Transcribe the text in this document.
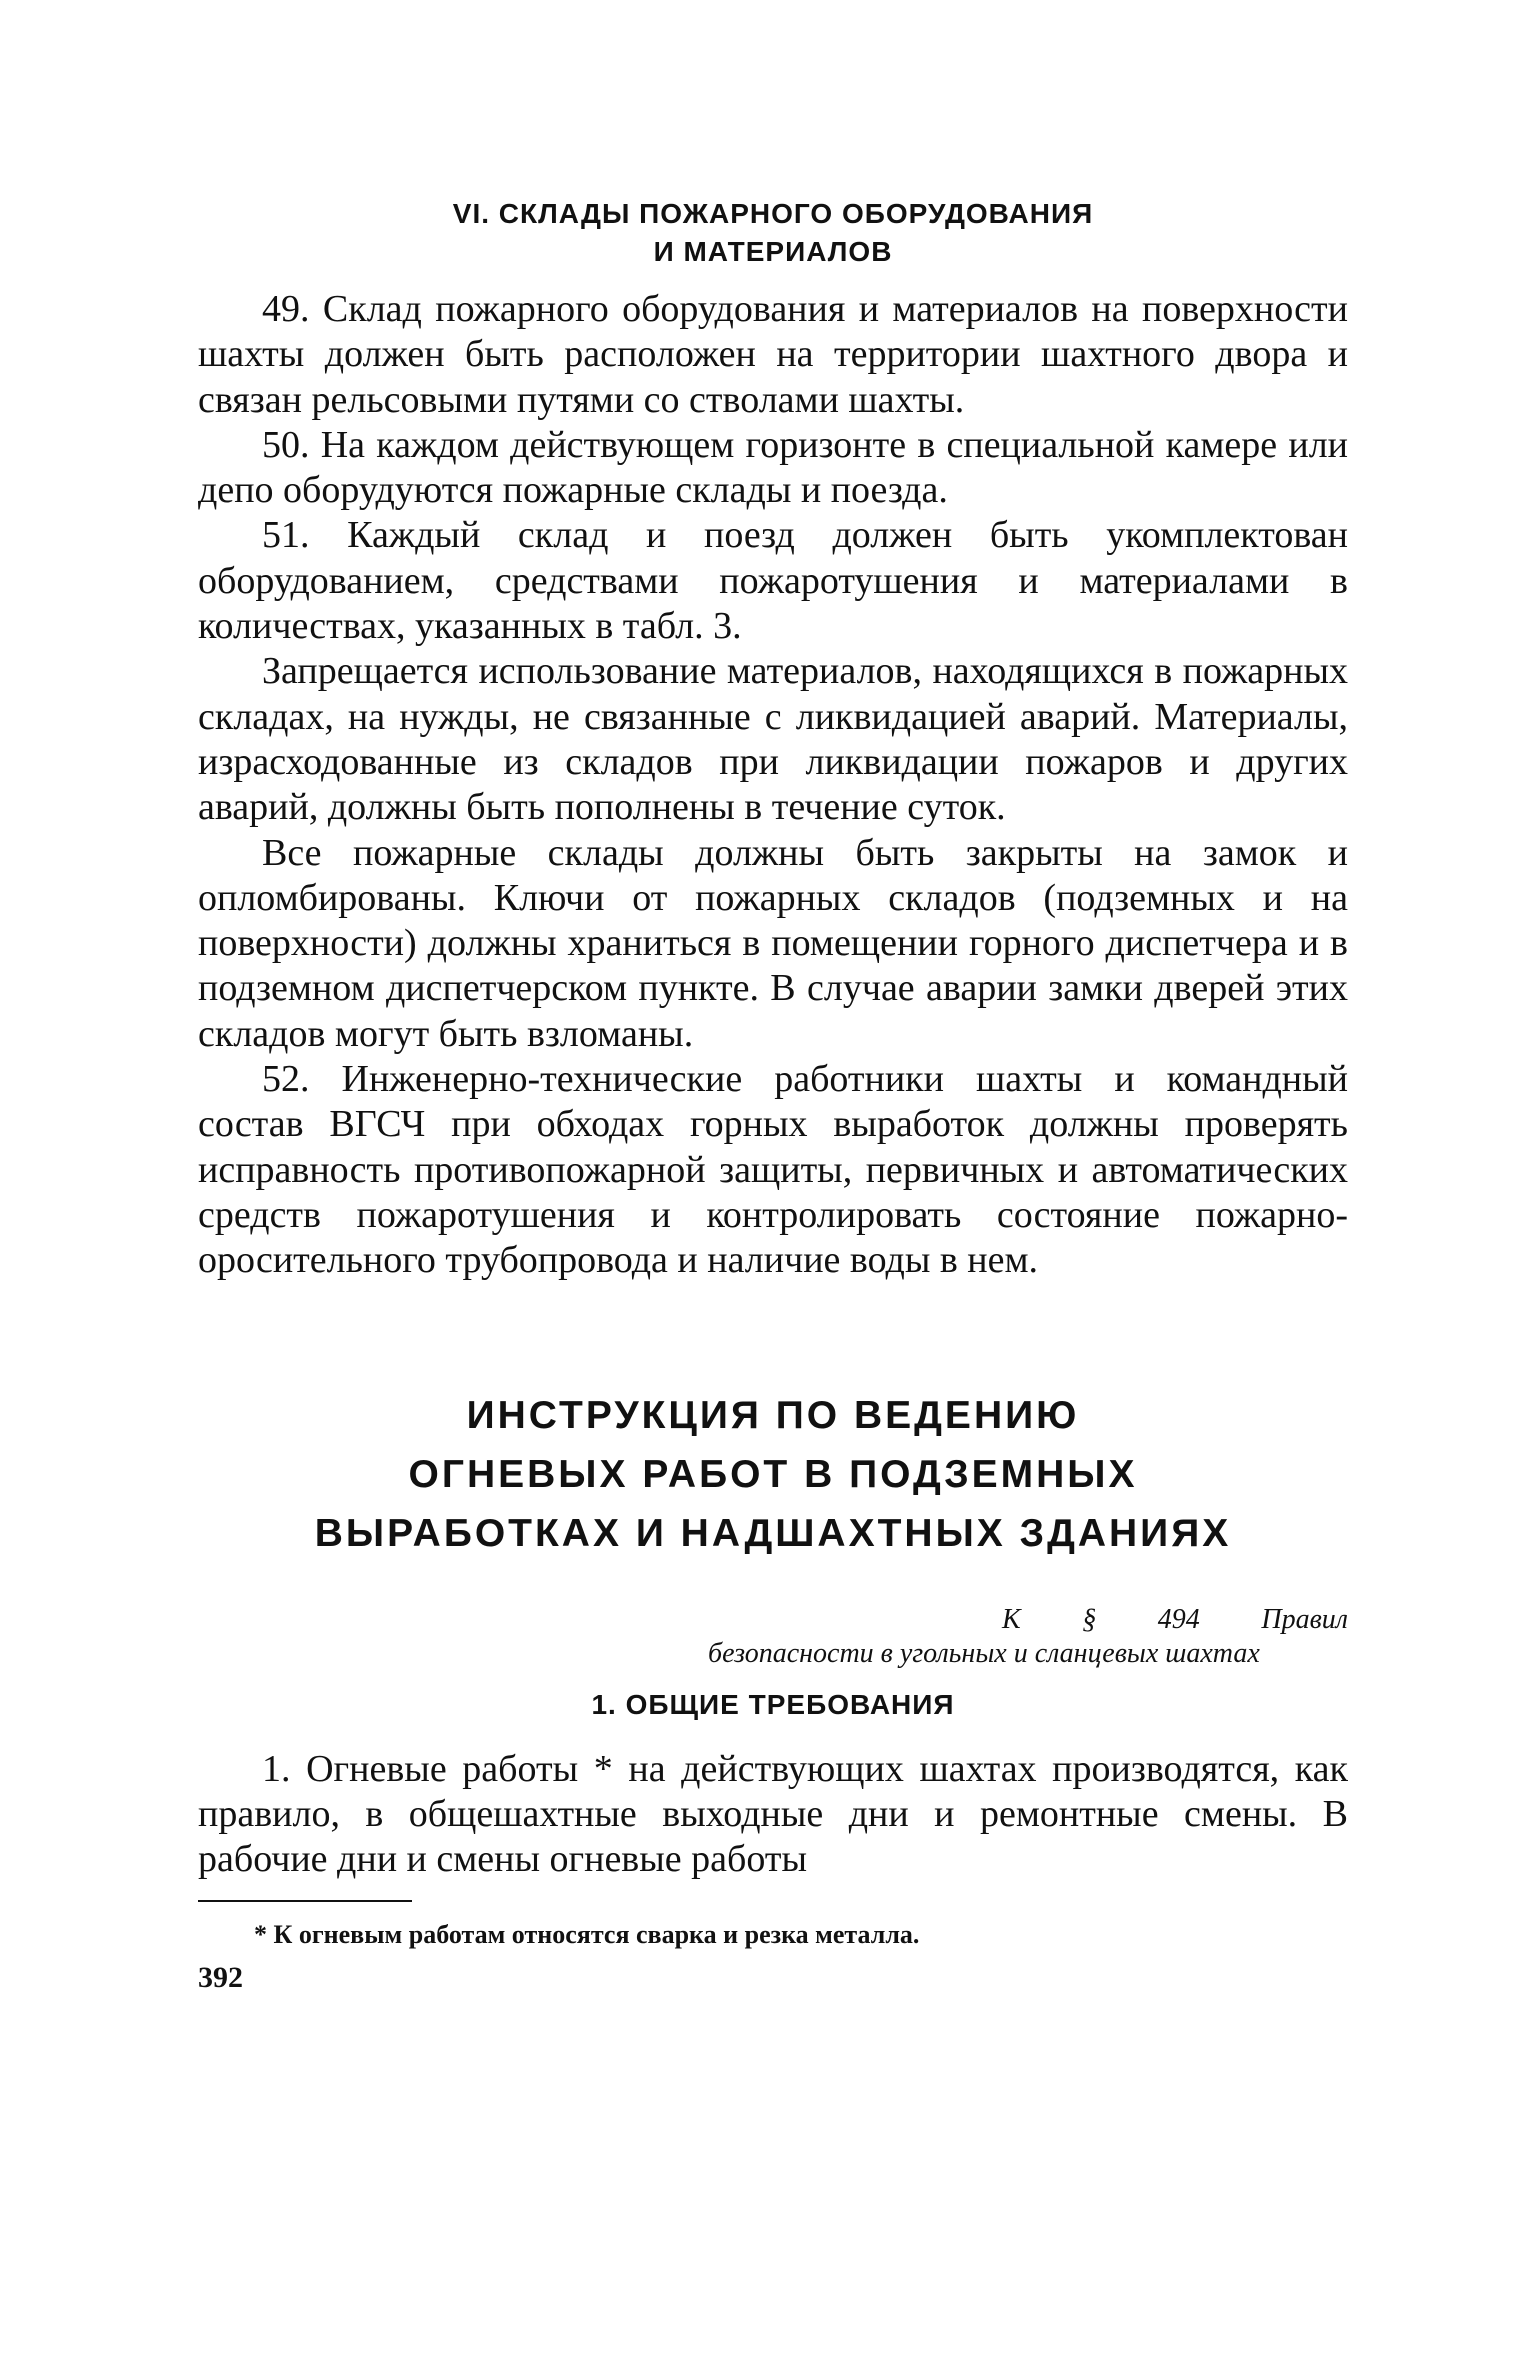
VI. СКЛАДЫ ПОЖАРНОГО ОБОРУДОВАНИЯ
И МАТЕРИАЛОВ

49. Склад пожарного оборудования и материалов на поверхности шахты должен быть расположен на территории шахтного двора и связан рельсовыми путями со стволами шахты.

50. На каждом действующем горизонте в специальной камере или депо оборудуются пожарные склады и поезда.

51. Каждый склад и поезд должен быть укомплектован оборудованием, средствами пожаротушения и материалами в количествах, указанных в табл. 3.

Запрещается использование материалов, находящихся в пожарных складах, на нужды, не связанные с ликвидацией аварий. Материалы, израсходованные из складов при ликвидации пожаров и других аварий, должны быть пополнены в течение суток.

Все пожарные склады должны быть закрыты на замок и опломбированы. Ключи от пожарных складов (подземных и на поверхности) должны храниться в помещении горного диспетчера и в подземном диспетчерском пункте. В случае аварии замки дверей этих складов могут быть взломаны.

52. Инженерно-технические работники шахты и командный состав ВГСЧ при обходах горных выработок должны проверять исправность противопожарной защиты, первичных и автоматических средств пожаротушения и контролировать состояние пожарно-оросительного трубопровода и наличие воды в нем.

ИНСТРУКЦИЯ ПО ВЕДЕНИЮ
ОГНЕВЫХ РАБОТ В ПОДЗЕМНЫХ
ВЫРАБОТКАХ И НАДШАХТНЫХ ЗДАНИЯХ
К § 494 Правил безопасности в угольных и сланцевых шахтах
1. ОБЩИЕ ТРЕБОВАНИЯ

1. Огневые работы * на действующих шахтах производятся, как правило, в общешахтные выходные дни и ремонтные смены. В рабочие дни и смены огневые работы

* К огневым работам относятся сварка и резка металла.

392
